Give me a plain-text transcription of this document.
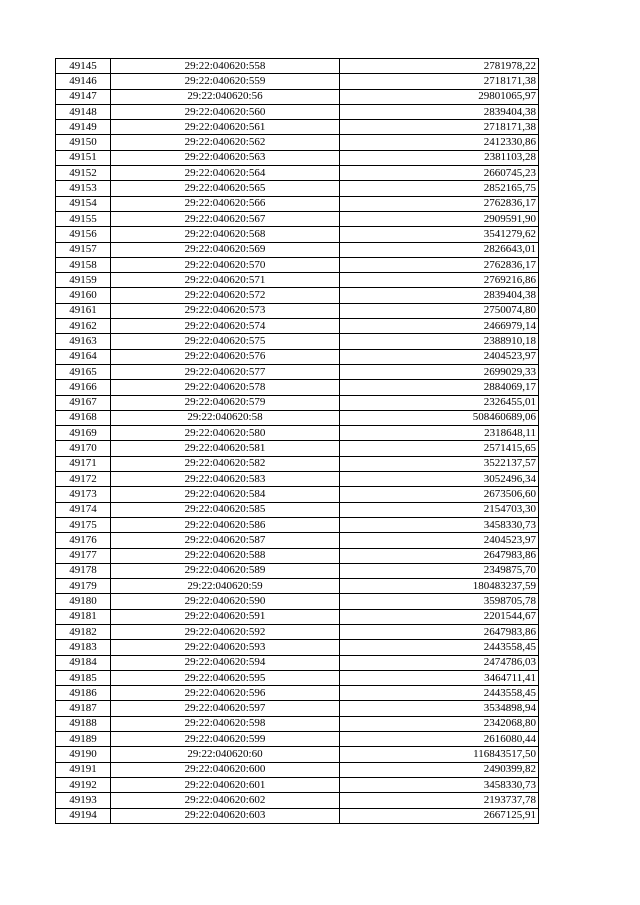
49145	29:22:040620:558	2781978,22
49146	29:22:040620:559	2718171,38
49147	29:22:040620:56	29801065,97
49148	29:22:040620:560	2839404,38
49149	29:22:040620:561	2718171,38
49150	29:22:040620:562	2412330,86
49151	29:22:040620:563	2381103,28
49152	29:22:040620:564	2660745,23
49153	29:22:040620:565	2852165,75
49154	29:22:040620:566	2762836,17
49155	29:22:040620:567	2909591,90
49156	29:22:040620:568	3541279,62
49157	29:22:040620:569	2826643,01
49158	29:22:040620:570	2762836,17
49159	29:22:040620:571	2769216,86
49160	29:22:040620:572	2839404,38
49161	29:22:040620:573	2750074,80
49162	29:22:040620:574	2466979,14
49163	29:22:040620:575	2388910,18
49164	29:22:040620:576	2404523,97
49165	29:22:040620:577	2699029,33
49166	29:22:040620:578	2884069,17
49167	29:22:040620:579	2326455,01
49168	29:22:040620:58	508460689,06
49169	29:22:040620:580	2318648,11
49170	29:22:040620:581	2571415,65
49171	29:22:040620:582	3522137,57
49172	29:22:040620:583	3052496,34
49173	29:22:040620:584	2673506,60
49174	29:22:040620:585	2154703,30
49175	29:22:040620:586	3458330,73
49176	29:22:040620:587	2404523,97
49177	29:22:040620:588	2647983,86
49178	29:22:040620:589	2349875,70
49179	29:22:040620:59	180483237,59
49180	29:22:040620:590	3598705,78
49181	29:22:040620:591	2201544,67
49182	29:22:040620:592	2647983,86
49183	29:22:040620:593	2443558,45
49184	29:22:040620:594	2474786,03
49185	29:22:040620:595	3464711,41
49186	29:22:040620:596	2443558,45
49187	29:22:040620:597	3534898,94
49188	29:22:040620:598	2342068,80
49189	29:22:040620:599	2616080,44
49190	29:22:040620:60	116843517,50
49191	29:22:040620:600	2490399,82
49192	29:22:040620:601	3458330,73
49193	29:22:040620:602	2193737,78
49194	29:22:040620:603	2667125,91
